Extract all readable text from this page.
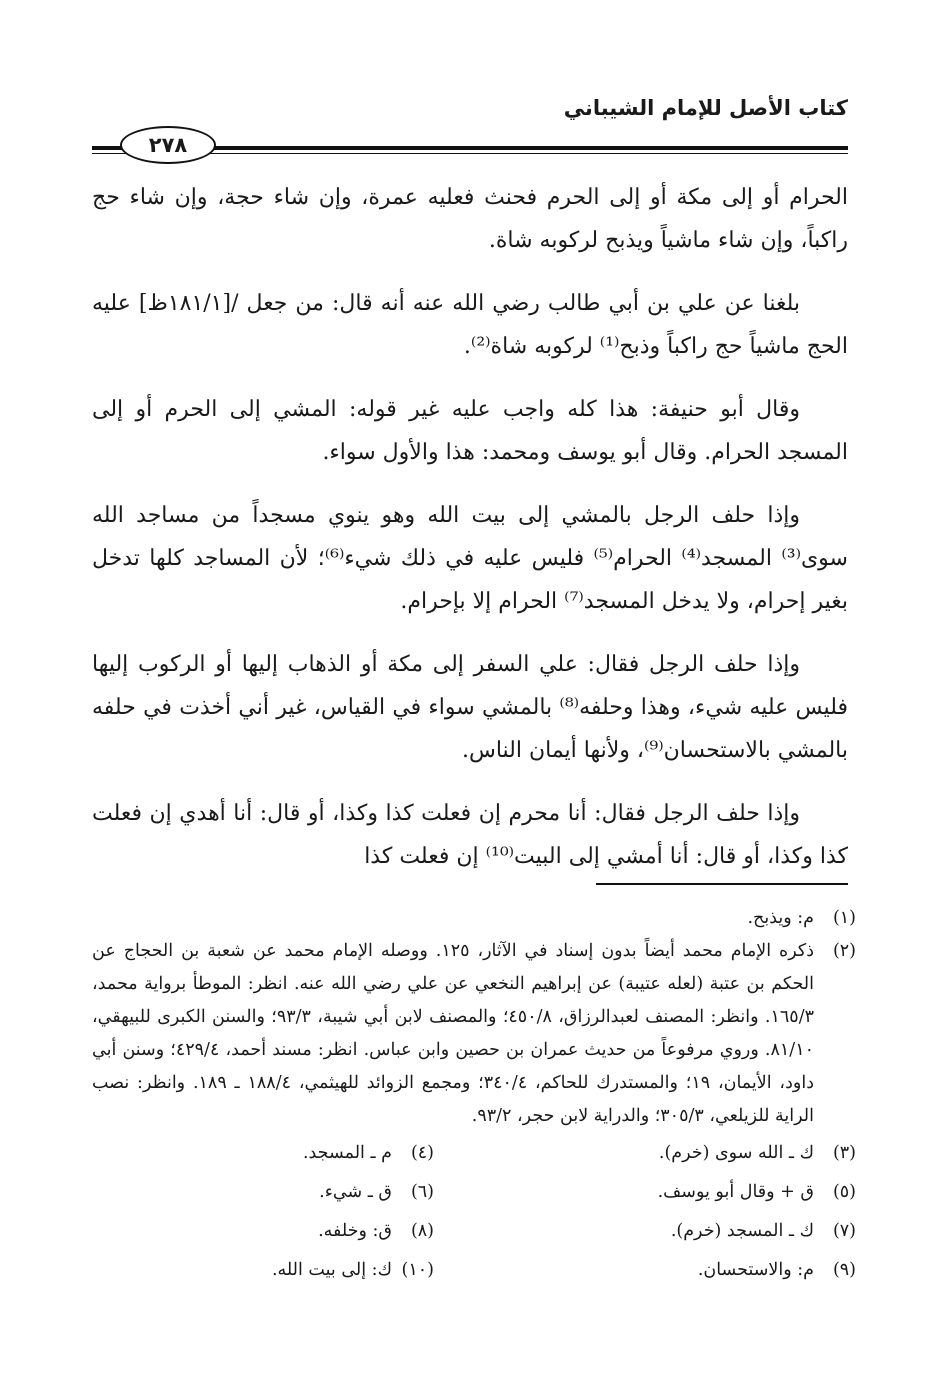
كتاب الأصل للإمام الشيباني
٢٧٨

الحرام أو إلى مكة أو إلى الحرم فحنث فعليه عمرة، وإن شاء حجة، وإن شاء حج راكباً، وإن شاء ماشياً ويذبح لركوبه شاة.

بلغنا عن علي بن أبي طالب رضي الله عنه أنه قال: من جعل /[١٨١/١ظ] عليه الحج ماشياً حج راكباً وذبح⁽¹⁾ لركوبه شاة⁽²⁾.

وقال أبو حنيفة: هذا كله واجب عليه غير قوله: المشي إلى الحرم أو إلى المسجد الحرام. وقال أبو يوسف ومحمد: هذا والأول سواء.

وإذا حلف الرجل بالمشي إلى بيت الله وهو ينوي مسجداً من مساجد الله سوى⁽³⁾ المسجد⁽⁴⁾ الحرام⁽⁵⁾ فليس عليه في ذلك شيء⁽⁶⁾؛ لأن المساجد كلها تدخل بغير إحرام، ولا يدخل المسجد⁽⁷⁾ الحرام إلا بإحرام.

وإذا حلف الرجل فقال: علي السفر إلى مكة أو الذهاب إليها أو الركوب إليها فليس عليه شيء، وهذا وحلفه⁽⁸⁾ بالمشي سواء في القياس، غير أني أخذت في حلفه بالمشي بالاستحسان⁽⁹⁾، ولأنها أيمان الناس.

وإذا حلف الرجل فقال: أنا محرم إن فعلت كذا وكذا، أو قال: أنا أهدي إن فعلت كذا وكذا، أو قال: أنا أمشي إلى البيت⁽¹⁰⁾ إن فعلت كذا

(١)
م: ويذبح.
(٢)
ذكره الإمام محمد أيضاً بدون إسناد في الآثار، ١٢٥. ووصله الإمام محمد عن شعبة بن الحجاج عن الحكم بن عتبة (لعله عتيبة) عن إبراهيم النخعي عن علي رضي الله عنه. انظر: الموطأ برواية محمد، ١٦٥/٣. وانظر: المصنف لعبدالرزاق، ٤٥٠/٨؛ والمصنف لابن أبي شيبة، ٩٣/٣؛ والسنن الكبرى للبيهقي، ٨١/١٠. وروي مرفوعاً من حديث عمران بن حصين وابن عباس. انظر: مسند أحمد، ٤٢٩/٤؛ وسنن أبي داود، الأيمان، ١٩؛ والمستدرك للحاكم، ٣٤٠/٤؛ ومجمع الزوائد للهيثمي، ١٨٨/٤ ـ ١٨٩. وانظر: نصب الراية للزيلعي، ٣٠٥/٣؛ والدراية لابن حجر، ٩٣/٢.
(٣)
ك ـ الله سوى (خرم).
(٤)
م ـ المسجد.
(٥)
ق + وقال أبو يوسف.
(٦)
ق ـ شيء.
(٧)
ك ـ المسجد (خرم).
(٨)
ق: وخلفه.
(٩)
م: والاستحسان.
(١٠)
ك: إلى بيت الله.
